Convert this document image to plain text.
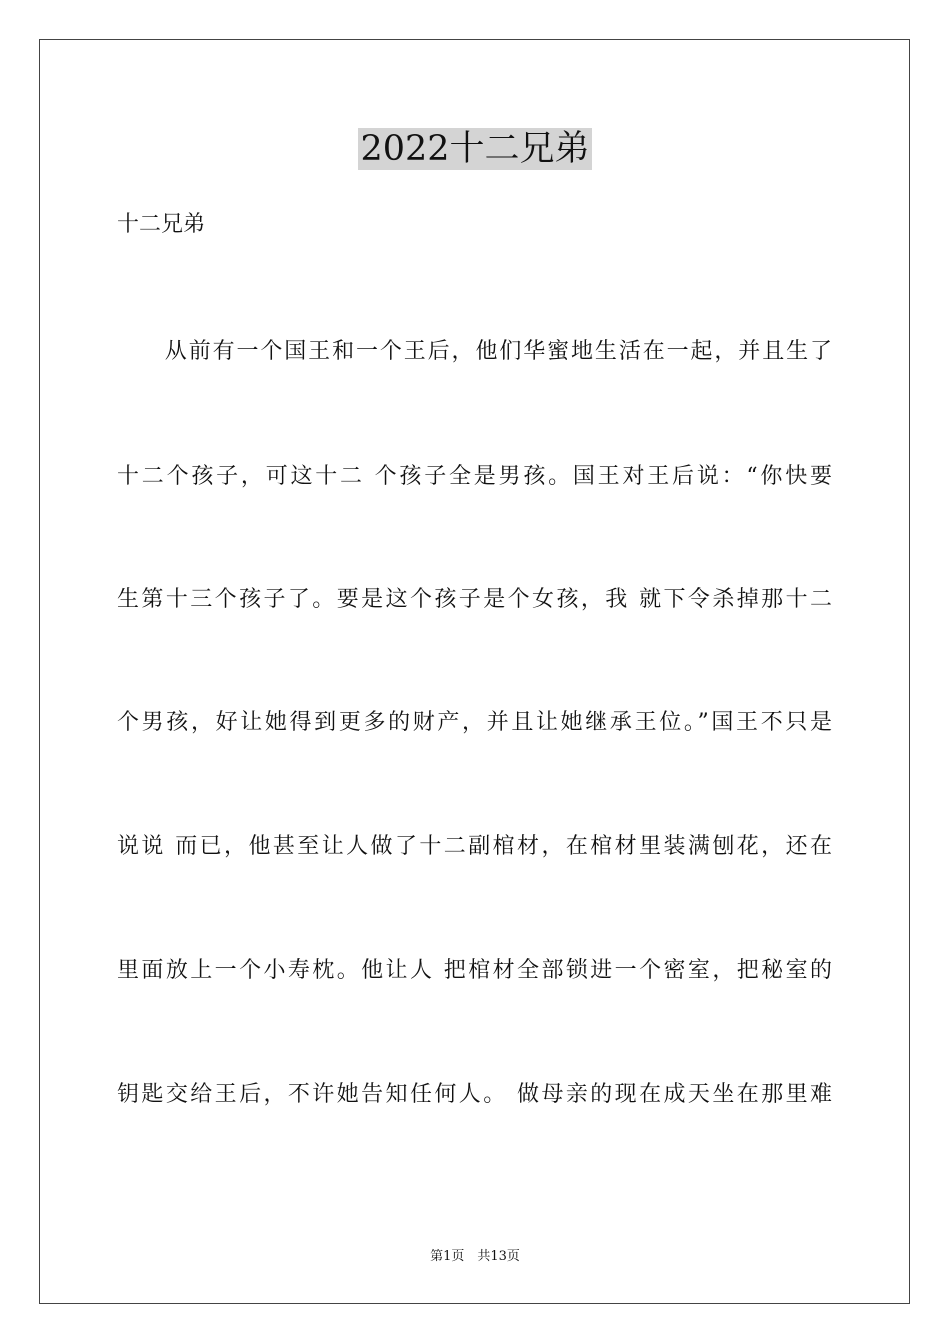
2022十二兄弟
十二兄弟
　　从前有一个国王和一个王后，他们华蜜地生活在一起，并且生了
十二个孩子，可这十二 个孩子全是男孩。国王对王后说：“你快要
生第十三个孩子了。要是这个孩子是个女孩，我 就下令杀掉那十二
个男孩，好让她得到更多的财产，并且让她继承王位。”国王不只是
说说 而已，他甚至让人做了十二副棺材，在棺材里装满刨花，还在
里面放上一个小寿枕。他让人 把棺材全部锁进一个密室，把秘室的
钥匙交给王后，不许她告知任何人。 做母亲的现在成天坐在那里难
第1页　共13页
